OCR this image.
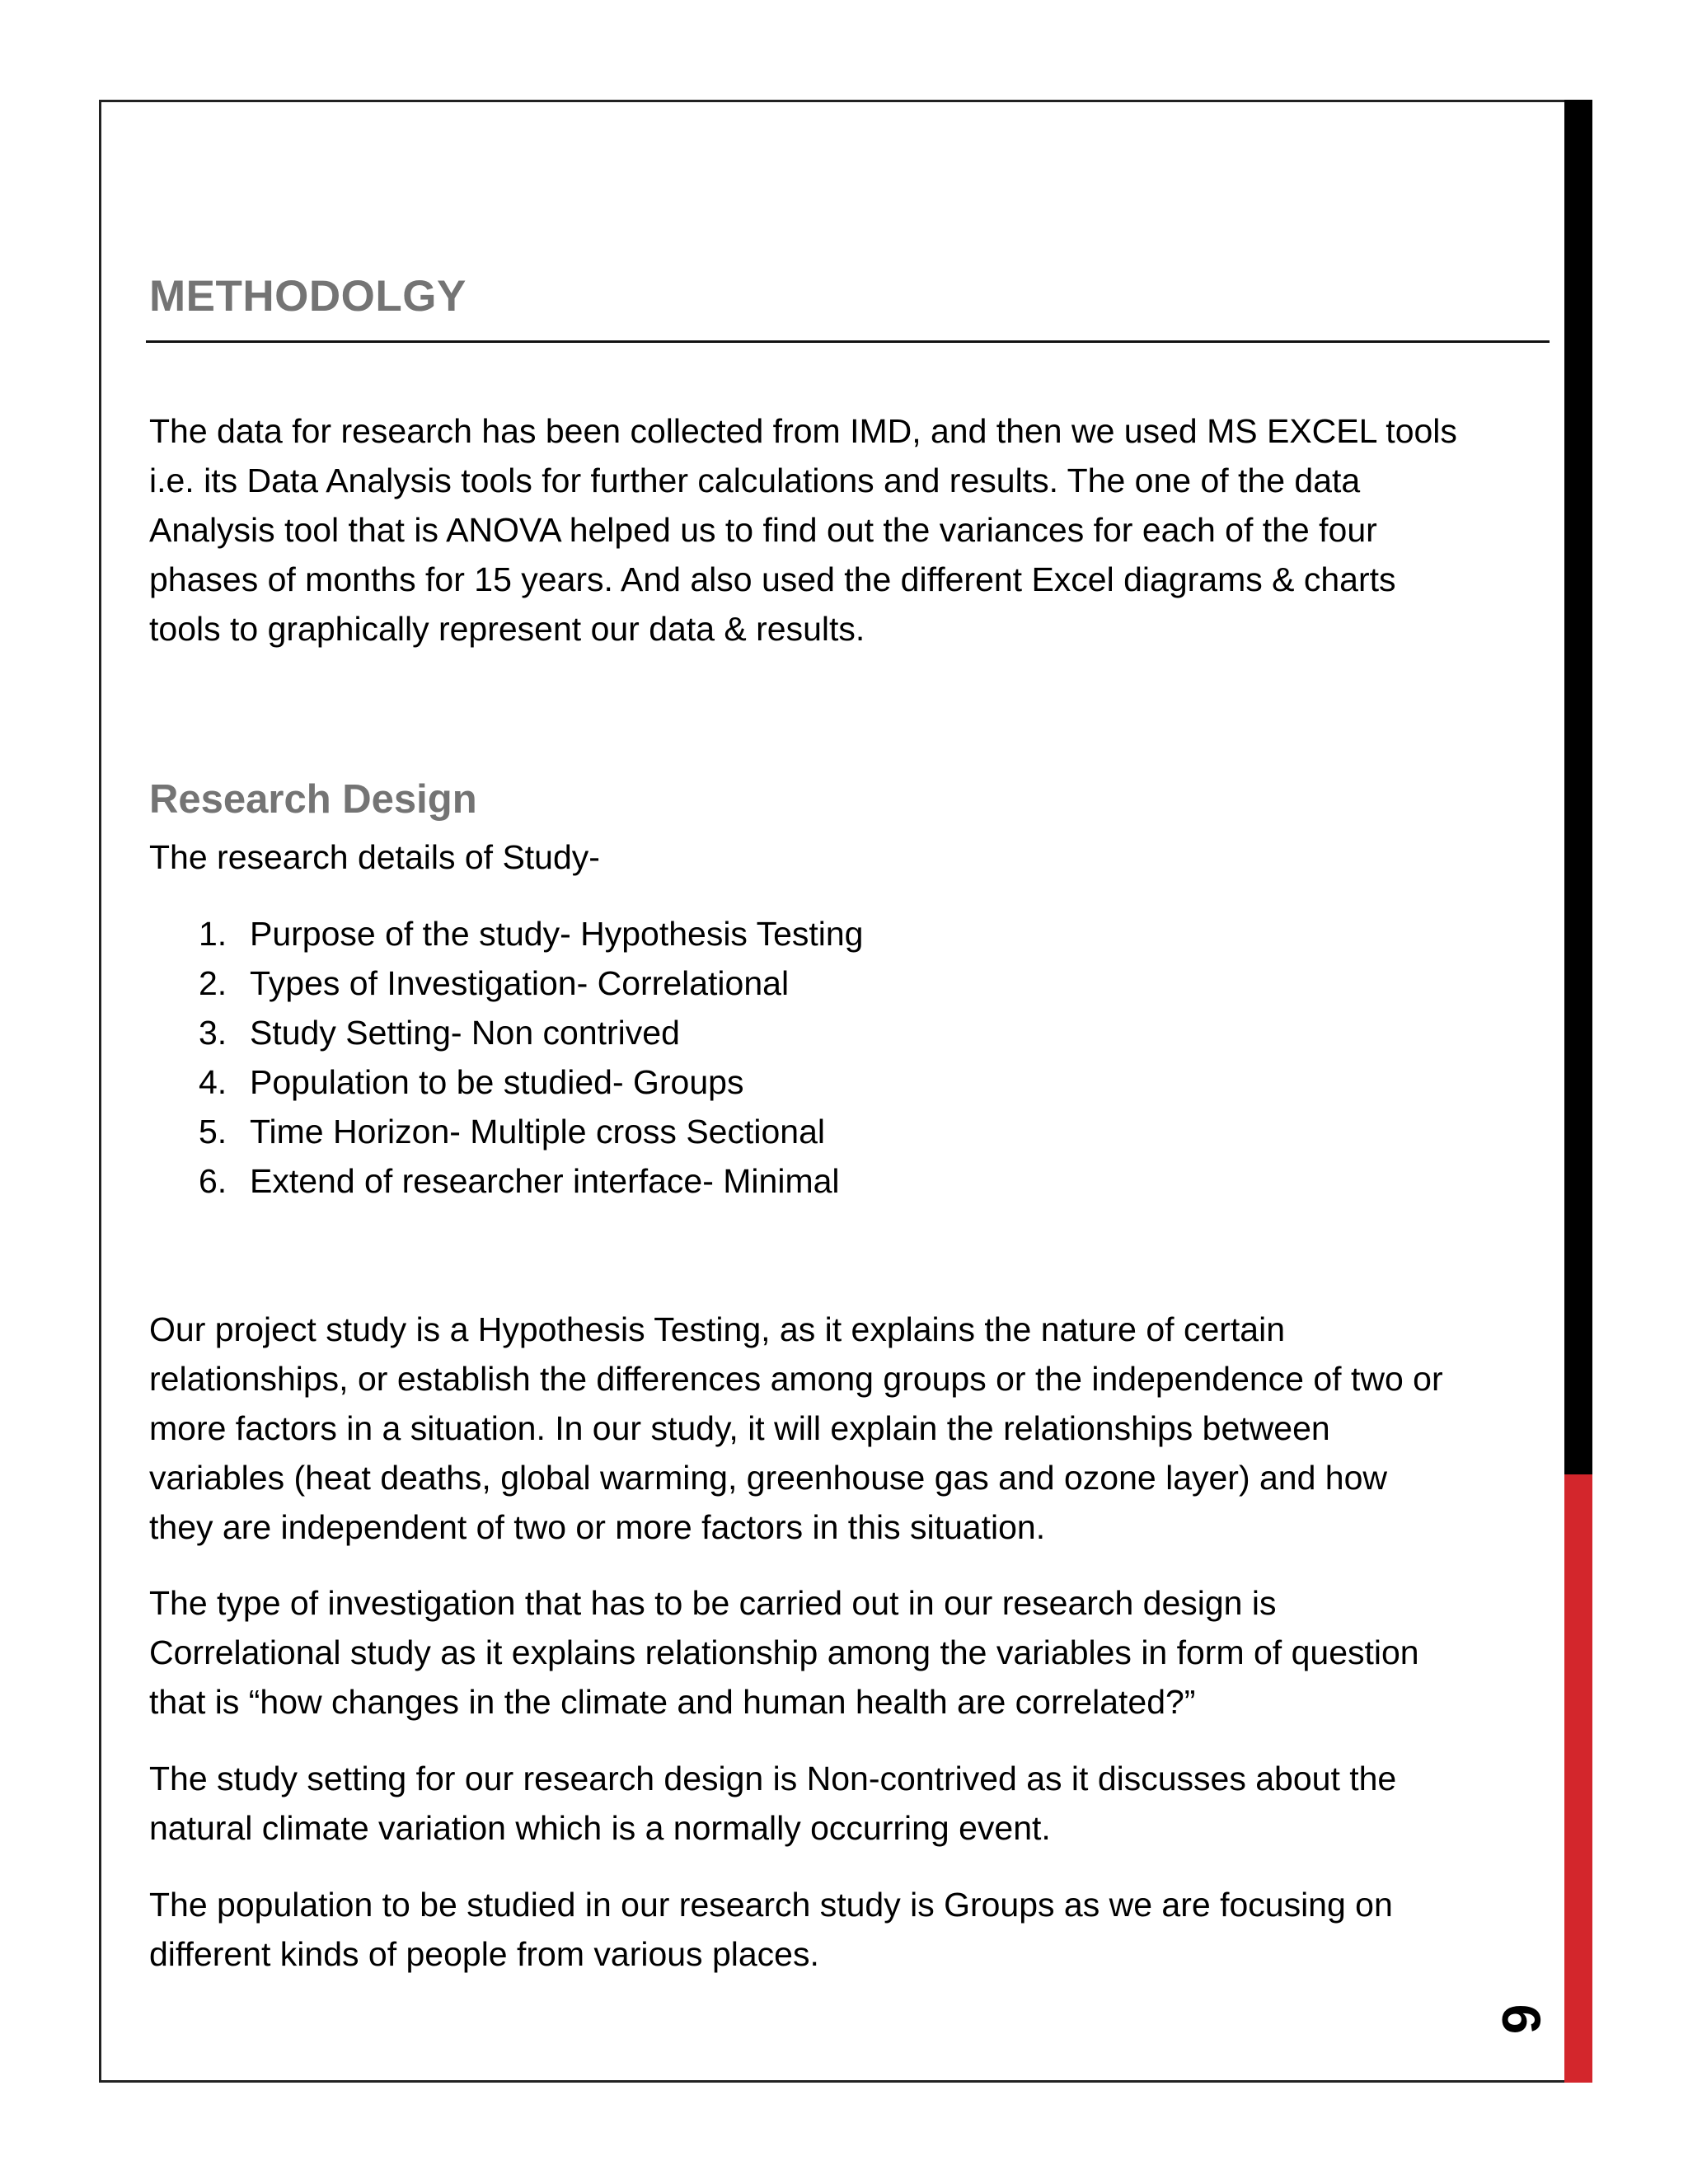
6
METHODOLGY

The data for research has been collected from IMD, and then we used MS EXCEL tools
i.e. its Data Analysis tools for further calculations and results. The one of the data
Analysis tool that is ANOVA helped us to find out the variances for each of the four
phases of months for 15 years. And also used the different Excel diagrams & charts
tools to graphically represent our data & results.

Research Design

The research details of Study-

1. Purpose of the study- Hypothesis Testing
2. Types of Investigation- Correlational
3. Study Setting- Non contrived
4. Population to be studied- Groups
5. Time Horizon- Multiple cross Sectional
6. Extend of researcher interface- Minimal

Our project study is a Hypothesis Testing, as it explains the nature of certain
relationships, or establish the differences among groups or the independence of two or
more factors in a situation. In our study, it will explain the relationships between
variables (heat deaths, global warming, greenhouse gas and ozone layer) and how
they are independent of two or more factors in this situation.

The type of investigation that has to be carried out in our research design is
Correlational study as it explains relationship among the variables in form of question
that is “how changes in the climate and human health are correlated?”

The study setting for our research design is Non-contrived as it discusses about the
natural climate variation which is a normally occurring event.

The population to be studied in our research study is Groups as we are focusing on
different kinds of people from various places.
